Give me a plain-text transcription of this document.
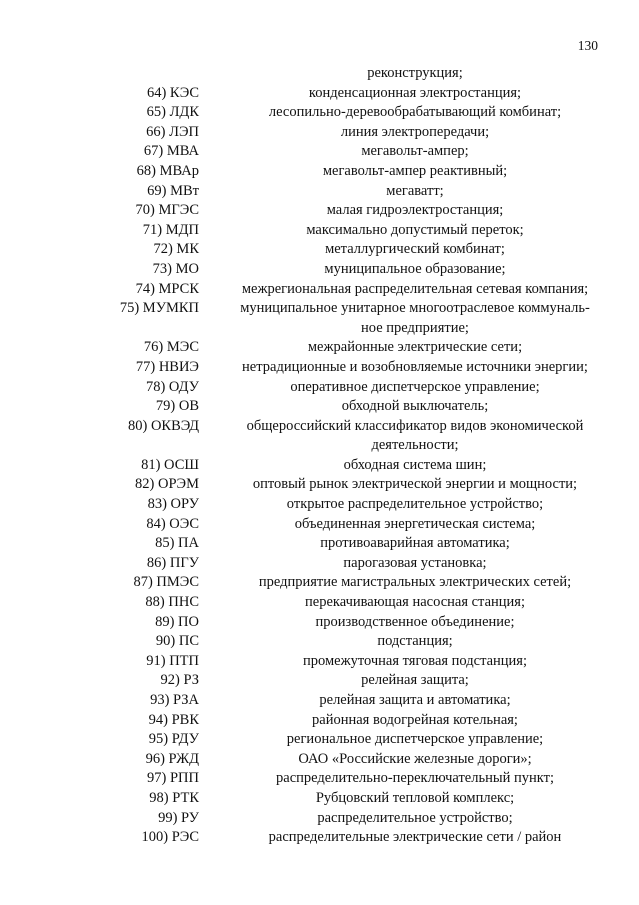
130
реконструкция;
64) КЭС	конденсационная электростанция;
65) ЛДК	лесопильно-деревообрабатывающий комбинат;
66) ЛЭП	линия электропередачи;
67) МВА	мегавольт-ампер;
68) МВАр	мегавольт-ампер реактивный;
69) МВт	мегаватт;
70) МГЭС	малая гидроэлектростанция;
71) МДП	максимально допустимый переток;
72) МК	металлургический комбинат;
73) МО	муниципальное образование;
74) МРСК	межрегиональная распределительная сетевая компания;
75) МУМКП	муниципальное унитарное многоотраслевое коммуналь-ное предприятие;
76) МЭС	межрайонные электрические сети;
77) НВИЭ	нетрадиционные и возобновляемые источники энергии;
78) ОДУ	оперативное диспетчерское управление;
79) ОВ	обходной выключатель;
80) ОКВЭД	общероссийский классификатор видов экономической деятельности;
81) ОСШ	обходная система шин;
82) ОРЭМ	оптовый рынок электрической энергии и мощности;
83) ОРУ	открытое распределительное устройство;
84) ОЭС	объединенная энергетическая система;
85) ПА	противоаварийная автоматика;
86) ПГУ	парогазовая установка;
87) ПМЭС	предприятие магистральных электрических сетей;
88) ПНС	перекачивающая насосная станция;
89) ПО	производственное объединение;
90) ПС	подстанция;
91) ПТП	промежуточная тяговая подстанция;
92) РЗ	релейная защита;
93) РЗА	релейная защита и автоматика;
94) РВК	районная водогрейная котельная;
95) РДУ	региональное диспетчерское управление;
96) РЖД	ОАО «Российские железные дороги»;
97) РПП	распределительно-переключательный пункт;
98) РТК	Рубцовский тепловой комплекс;
99) РУ	распределительное устройство;
100) РЭС	распределительные электрические сети / район
